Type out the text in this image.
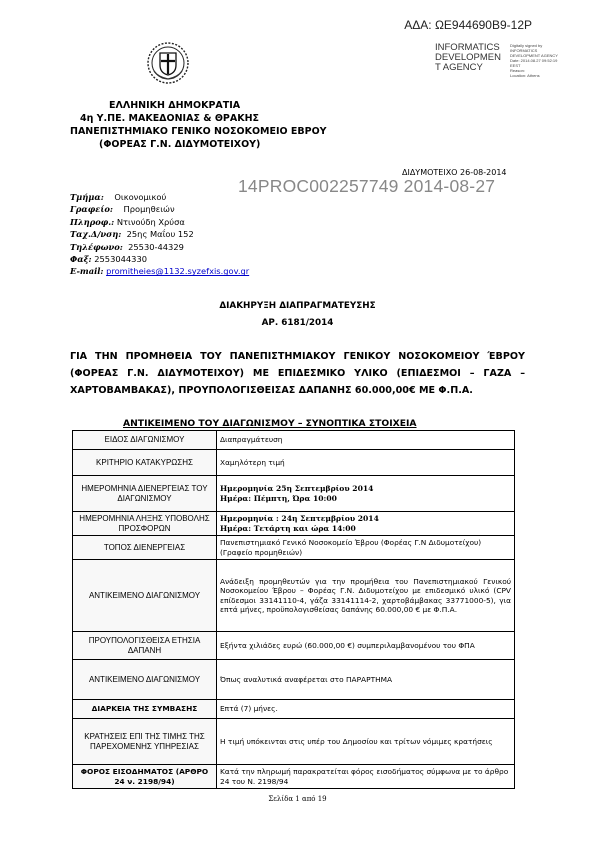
ΑΔΑ: ΩΕ944690Β9-12Ρ
INFORMATICS
DEVELOPMEN
T AGENCY
Digitally signed by
INFORMATICS
DEVELOPMENT AGENCY
Date: 2014.08.27 09:52:19
EEST
Reason:
Location: Athens
ΕΛΛΗΝΙΚΗ ΔΗΜΟΚΡΑΤΙΑ
4η Υ.ΠΕ. ΜΑΚΕΔΟΝΙΑΣ & ΘΡΑΚΗΣ
ΠΑΝΕΠΙΣΤΗΜΙΑΚΟ ΓΕΝΙΚΟ ΝΟΣΟΚΟΜΕΙΟ ΕΒΡΟΥ
(ΦΟΡΕΑΣ Γ.Ν. ΔΙΔΥΜΟΤΕΙΧΟΥ)
ΔΙΔΥΜΟΤΕΙΧΟ 26-08-2014
14PROC002257749 2014-08-27
Τμήμα: Οικονομικού
Γραφείο: Προμηθειών
Πληροφ.: Ντινούδη Χρύσα
Ταχ.Δ/νση: 25ης Μαΐου 152
Τηλέφωνο: 25530-44329
Φαξ: 2553044330
E-mail: promitheies@1132.syzefxis.gov.gr
ΔΙΑΚΗΡΥΞΗ ΔΙΑΠΡΑΓΜΑΤΕΥΣΗΣ
ΑΡ. 6181/2014
ΓΙΑ ΤΗΝ ΠΡΟΜΗΘΕΙΑ ΤΟΥ ΠΑΝΕΠΙΣΤΗΜΙΑΚΟΥ ΓΕΝΙΚΟΥ ΝΟΣΟΚΟΜΕΙΟΥ ΈΒΡΟΥ (ΦΟΡΕΑΣ Γ.Ν. ΔΙΔΥΜΟΤΕΙΧΟΥ) ΜΕ ΕΠΙΔΕΣΜΙΚΟ ΥΛΙΚΟ (ΕΠΙΔΕΣΜΟΙ – ΓΑΖΑ – ΧΑΡΤΟΒΑΜΒΑΚΑΣ), ΠΡΟΥΠΟΛΟΓΙΣΘΕΙΣΑΣ ΔΑΠΑΝΗΣ 60.000,00€ ΜΕ Φ.Π.Α.
ΑΝΤΙΚΕΙΜΕΝΟ ΤΟΥ ΔΙΑΓΩΝΙΣΜΟΥ – ΣΥΝΟΠΤΙΚΑ ΣΤΟΙΧΕΙΑ
ΕΙΔΟΣ ΔΙΑΓΩΝΙΣΜΟΥ	Διαπραγμάτευση
ΚΡΙΤΗΡΙΟ ΚΑΤΑΚΥΡΩΣΗΣ	Χαμηλότερη τιμή
ΗΜΕΡΟΜΗΝΙΑ ΔΙΕΝΕΡΓΕΙΑΣ ΤΟΥ ΔΙΑΓΩΝΙΣΜΟΥ	Ημερομηνία 25η Σεπτεμβρίου 2014
Ημέρα: Πέμπτη, Ώρα 10:00
ΗΜΕΡΟΜΗΝΙΑ ΛΗΞΗΣ ΥΠΟΒΟΛΗΣ ΠΡΟΣΦΟΡΩΝ	Ημερομηνία : 24η Σεπτεμβρίου 2014
Ημέρα: Τετάρτη και ώρα 14:00
ΤΟΠΟΣ ΔΙΕΝΕΡΓΕΙΑΣ	Πανεπιστημιακό Γενικό Νοσοκομείο Έβρου (Φορέας Γ.Ν Διδυμοτείχου) (Γραφείο προμηθειών)
ΑΝΤΙΚΕΙΜΕΝΟ ΔΙΑΓΩΝΙΣΜΟΥ	Ανάδειξη προμηθευτών για την προμήθεια του Πανεπιστημιακού Γενικού Νοσοκομείου Έβρου – Φορέας Γ.Ν. Διδυμοτείχου με επιδεσμικό υλικό (CPV επίδεσμοι 33141110-4, γάζα 33141114-2, χαρτοβάμβακας 33771000-5), για επτά μήνες, προϋπολογισθείσας δαπάνης 60.000,00 € με Φ.Π.Α.
ΠΡΟΥΠΟΛΟΓΙΣΘΕΙΣΑ ΕΤΗΣΙΑ ΔΑΠΑΝΗ	Εξήντα χιλιάδες ευρώ (60.000,00 €) συμπεριλαμβανομένου του ΦΠΑ
ΑΝΤΙΚΕΙΜΕΝΟ ΔΙΑΓΩΝΙΣΜΟΥ	Όπως αναλυτικά αναφέρεται στο ΠΑΡΑΡΤΗΜΑ
ΔΙΑΡΚΕΙΑ ΤΗΣ ΣΥΜΒΑΣΗΣ	Επτά (7) μήνες.
ΚΡΑΤΗΣΕΙΣ ΕΠΙ ΤΗΣ ΤΙΜΗΣ ΤΗΣ ΠΑΡΕΧΟΜΕΝΗΣ ΥΠΗΡΕΣΙΑΣ	Η τιμή υπόκεινται στις υπέρ του Δημοσίου και τρίτων νόμιμες κρατήσεις
ΦΟΡΟΣ ΕΙΣΟΔΗΜΑΤΟΣ (ΑΡΘΡΟ 24 ν. 2198/94)	Κατά την πληρωμή παρακρατείται φόρος εισοδήματος σύμφωνα με το άρθρο 24 του Ν. 2198/94
Σελίδα 1 από 19
